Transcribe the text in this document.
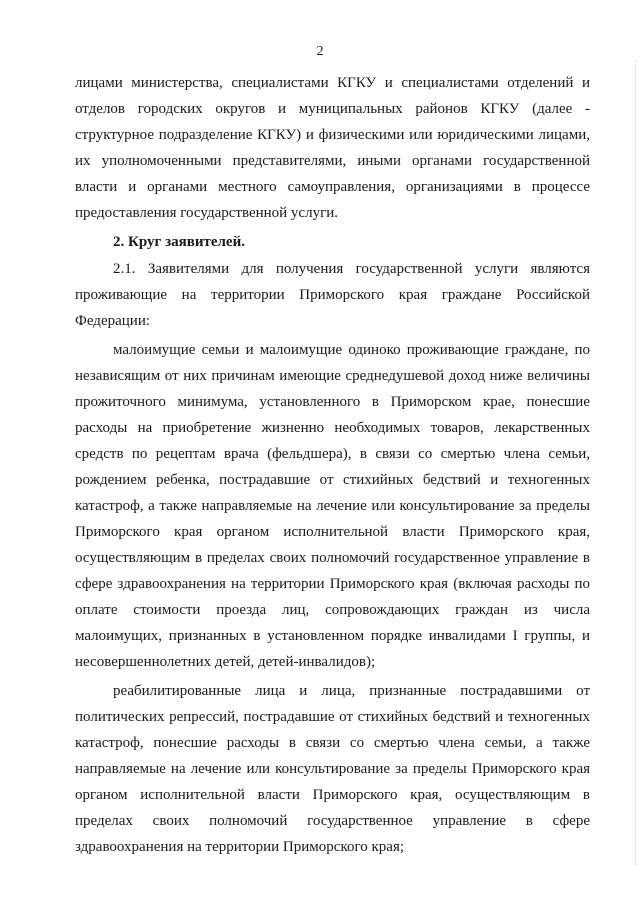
2
лицами министерства, специалистами КГКУ и специалистами отделений и
отделов городских округов и муниципальных районов КГКУ (далее -
структурное подразделение КГКУ) и физическими или юридическими лицами,
их уполномоченными представителями, иными органами государственной
власти и органами местного самоуправления, организациями в процессе
предоставления государственной услуги.
2. Круг заявителей.
2.1. Заявителями для получения государственной услуги являются
проживающие на территории Приморского края граждане Российской
Федерации:
малоимущие семьи и малоимущие одиноко проживающие граждане, по
независящим от них причинам имеющие среднедушевой доход ниже величины
прожиточного минимума, установленного в Приморском крае, понесшие
расходы на приобретение жизненно необходимых товаров, лекарственных
средств по рецептам врача (фельдшера), в связи со смертью члена семьи,
рождением ребенка, пострадавшие от стихийных бедствий и техногенных
катастроф, а также направляемые на лечение или консультирование за пределы
Приморского края органом исполнительной власти Приморского края,
осуществляющим в пределах своих полномочий государственное управление в
сфере здравоохранения на территории Приморского края (включая расходы по
оплате стоимости проезда лиц, сопровождающих граждан из числа
малоимущих, признанных в установленном порядке инвалидами I группы, и
несовершеннолетних детей, детей-инвалидов);
реабилитированные лица и лица, признанные пострадавшими от
политических репрессий, пострадавшие от стихийных бедствий и техногенных
катастроф, понесшие расходы в связи со смертью члена семьи, а также
направляемые на лечение или консультирование за пределы Приморского края
органом исполнительной власти Приморского края, осуществляющим в
пределах своих полномочий государственное управление в сфере
здравоохранения на территории Приморского края;
